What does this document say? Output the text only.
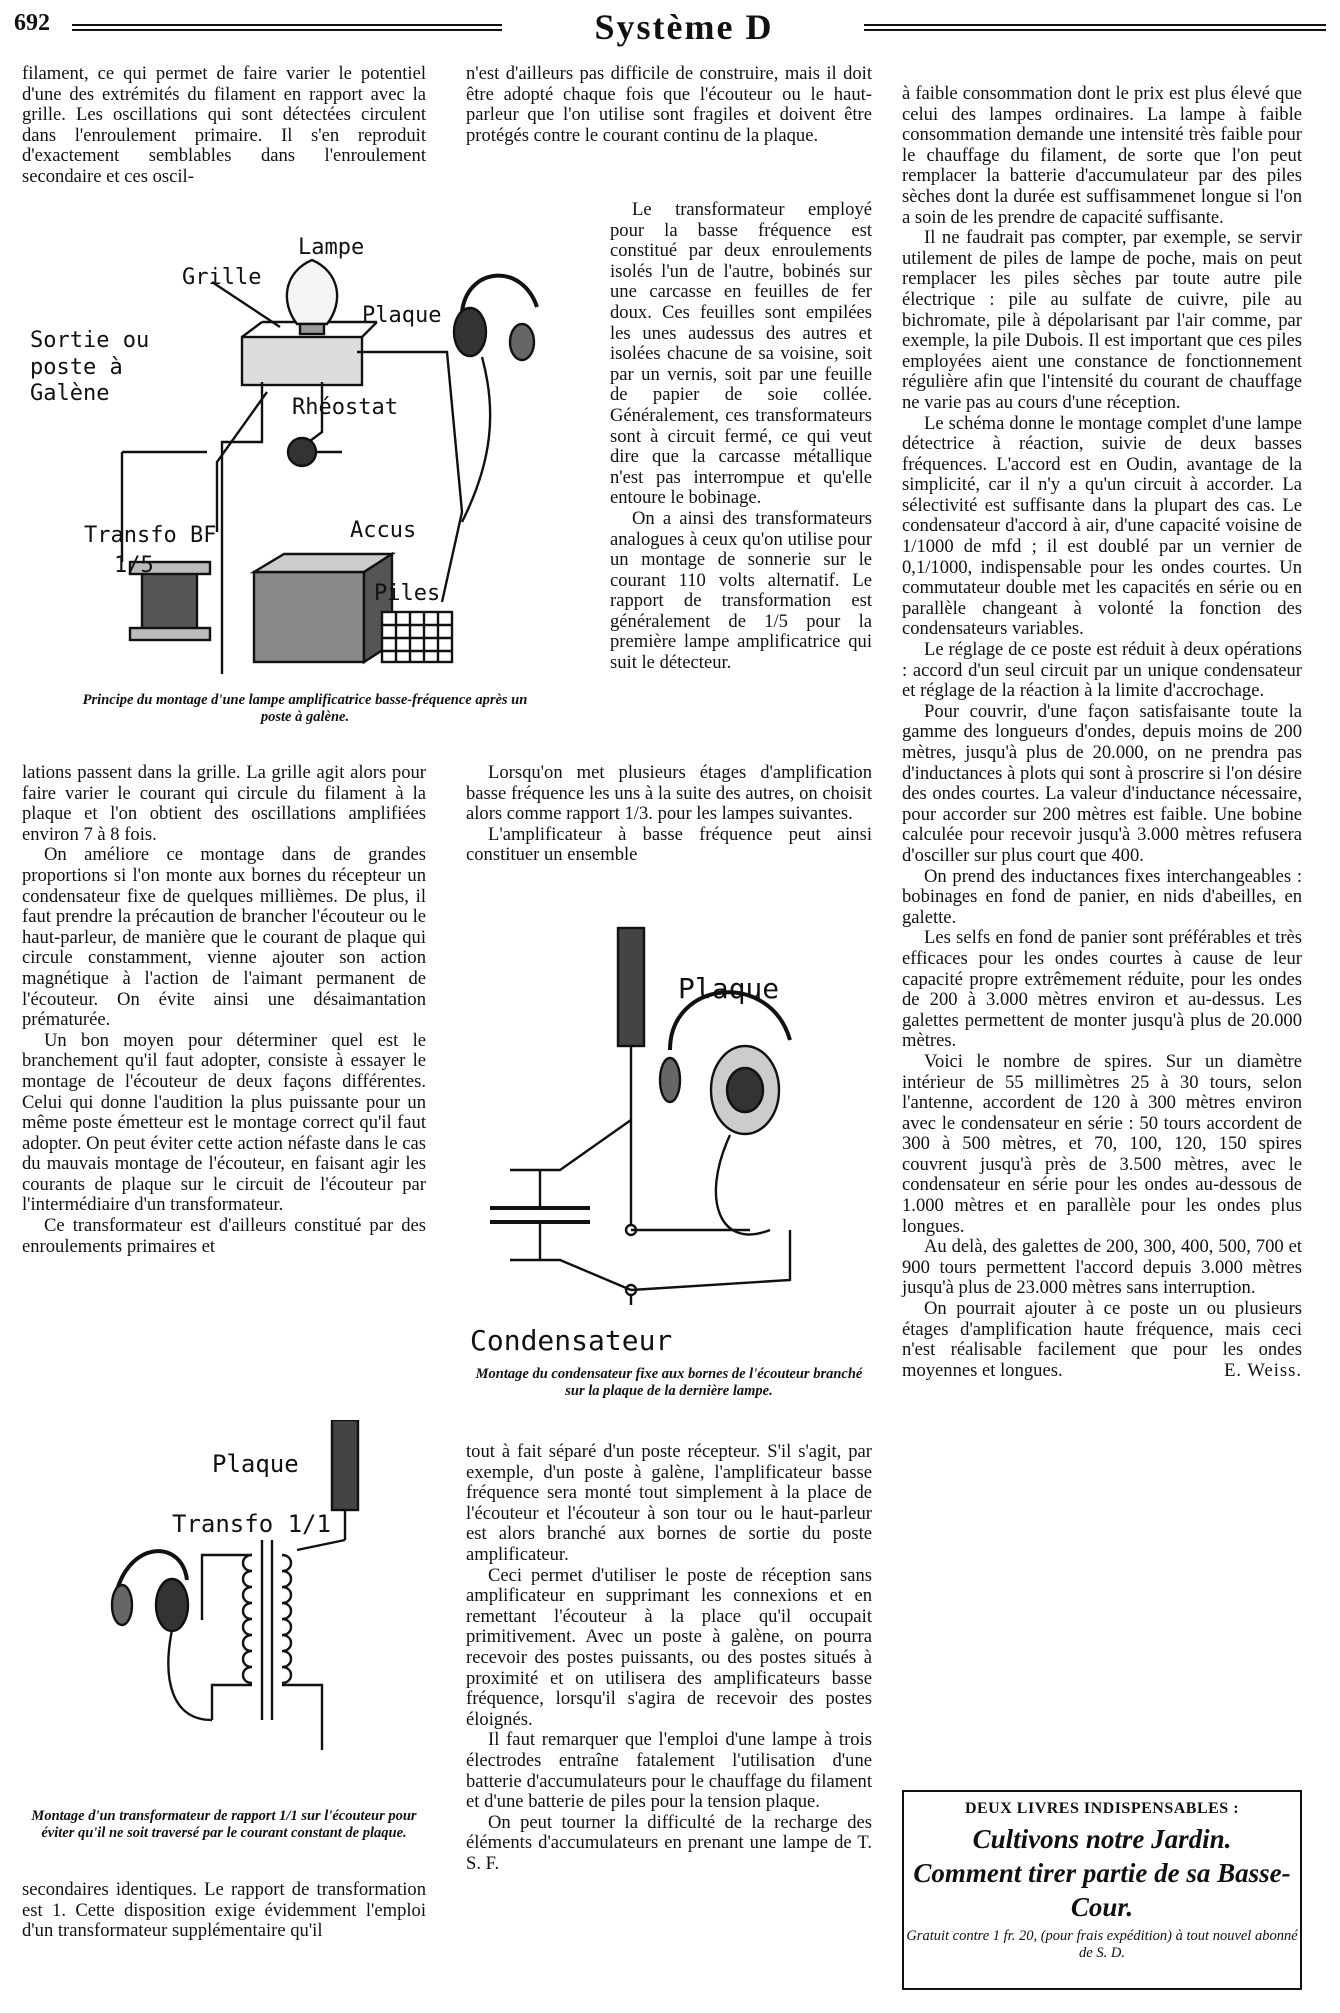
692	Système D

filament, ce qui permet de faire varier le potentiel d'une des extrémités du filament en rapport avec la grille. Les oscillations qui sont détectées circulent dans l'enroulement primaire. Il s'en reproduit d'exactement semblables dans l'enroulement secondaire et ces oscil-

Lampe
Grille
Plaque
Sortie ou
poste à
Galène
Rhéostat
Transfo BF
1/5
Accus
Piles
Principe du montage d'une lampe amplificatrice basse-fréquence après un poste à galène.

lations passent dans la grille. La grille agit alors pour faire varier le courant qui circule du filament à la plaque et l'on obtient des oscillations amplifiées environ 7 à 8 fois.

On améliore ce montage dans de grandes proportions si l'on monte aux bornes du récepteur un condensateur fixe de quelques millièmes. De plus, il faut prendre la précaution de brancher l'écouteur ou le haut-parleur, de manière que le courant de plaque qui circule constamment, vienne ajouter son action magnétique à l'action de l'aimant permanent de l'écouteur. On évite ainsi une désaimantation prématurée.

Un bon moyen pour déterminer quel est le branchement qu'il faut adopter, consiste à essayer le montage de l'écouteur de deux façons différentes. Celui qui donne l'audition la plus puissante pour un même poste émetteur est le montage correct qu'il faut adopter. On peut éviter cette action néfaste dans le cas du mauvais montage de l'écouteur, en faisant agir les courants de plaque sur le circuit de l'écouteur par l'intermédiaire d'un transformateur.

Ce transformateur est d'ailleurs constitué par des enroulements primaires et

Plaque
Transfo 1/1
Montage d'un transformateur de rapport 1/1 sur l'écouteur pour éviter qu'il ne soit traversé par le courant constant de plaque.

secondaires identiques. Le rapport de transformation est 1. Cette disposition exige évidemment l'emploi d'un transformateur supplémentaire qu'il

n'est d'ailleurs pas difficile de construire, mais il doit être adopté chaque fois que l'écouteur ou le haut-parleur que l'on utilise sont fragiles et doivent être protégés contre le courant continu de la plaque.

Le transformateur employé pour la basse fréquence est constitué par deux enroulements isolés l'un de l'autre, bobinés sur une carcasse en feuilles de fer doux. Ces feuilles sont empilées les unes audessus des autres et isolées chacune de sa voisine, soit par un vernis, soit par une feuille de papier de soie collée. Généralement, ces transformateurs sont à circuit fermé, ce qui veut dire que la carcasse métallique n'est pas interrompue et qu'elle entoure le bobinage.

On a ainsi des transformateurs analogues à ceux qu'on utilise pour un montage de sonnerie sur le courant 110 volts alternatif. Le rapport de transformation est généralement de 1/5 pour la première lampe amplificatrice qui suit le détecteur.

Lorsqu'on met plusieurs étages d'amplification basse fréquence les uns à la suite des autres, on choisit alors comme rapport 1/3. pour les lampes suivantes.

L'amplificateur à basse fréquence peut ainsi constituer un ensemble

Plaque
Condensateur
Montage du condensateur fixe aux bornes de l'écouteur branché sur la plaque de la dernière lampe.

tout à fait séparé d'un poste récepteur. S'il s'agit, par exemple, d'un poste à galène, l'amplificateur basse fréquence sera monté tout simplement à la place de l'écouteur et l'écouteur à son tour ou le haut-parleur est alors branché aux bornes de sortie du poste amplificateur.

Ceci permet d'utiliser le poste de réception sans amplificateur en supprimant les connexions et en remettant l'écouteur à la place qu'il occupait primitivement. Avec un poste à galène, on pourra recevoir des postes puissants, ou des postes situés à proximité et on utilisera des amplificateurs basse fréquence, lorsqu'il s'agira de recevoir des postes éloignés.

Il faut remarquer que l'emploi d'une lampe à trois électrodes entraîne fatalement l'utilisation d'une batterie d'accumulateurs pour le chauffage du filament et d'une batterie de piles pour la tension plaque.

On peut tourner la difficulté de la recharge des éléments d'accumulateurs en prenant une lampe de T. S. F.

à faible consommation dont le prix est plus élevé que celui des lampes ordinaires. La lampe à faible consommation demande une intensité très faible pour le chauffage du filament, de sorte que l'on peut remplacer la batterie d'accumulateur par des piles sèches dont la durée est suffisammenet longue si l'on a soin de les prendre de capacité suffisante.

Il ne faudrait pas compter, par exemple, se servir utilement de piles de lampe de poche, mais on peut remplacer les piles sèches par toute autre pile électrique : pile au sulfate de cuivre, pile au bichromate, pile à dépolarisant par l'air comme, par exemple, la pile Dubois. Il est important que ces piles employées aient une constance de fonctionnement régulière afin que l'intensité du courant de chauffage ne varie pas au cours d'une réception.

Le schéma donne le montage complet d'une lampe détectrice à réaction, suivie de deux basses fréquences. L'accord est en Oudin, avantage de la simplicité, car il n'y a qu'un circuit à accorder. La sélectivité est suffisante dans la plupart des cas. Le condensateur d'accord à air, d'une capacité voisine de 1/1000 de mfd ; il est doublé par un vernier de 0,1/1000, indispensable pour les ondes courtes. Un commutateur double met les capacités en série ou en parallèle changeant à volonté la fonction des condensateurs variables.

Le réglage de ce poste est réduit à deux opérations : accord d'un seul circuit par un unique condensateur et réglage de la réaction à la limite d'accrochage.

Pour couvrir, d'une façon satisfaisante toute la gamme des longueurs d'ondes, depuis moins de 200 mètres, jusqu'à plus de 20.000, on ne prendra pas d'inductances à plots qui sont à proscrire si l'on désire des ondes courtes. La valeur d'inductance nécessaire, pour accorder sur 200 mètres est faible. Une bobine calculée pour recevoir jusqu'à 3.000 mètres refusera d'osciller sur plus court que 400.

On prend des inductances fixes interchangeables : bobinages en fond de panier, en nids d'abeilles, en galette.

Les selfs en fond de panier sont préférables et très efficaces pour les ondes courtes à cause de leur capacité propre extrêmement réduite, pour les ondes de 200 à 3.000 mètres environ et au-dessus. Les galettes permettent de monter jusqu'à plus de 20.000 mètres.

Voici le nombre de spires. Sur un diamètre intérieur de 55 millimètres 25 à 30 tours, selon l'antenne, accordent de 120 à 300 mètres environ avec le condensateur en série : 50 tours accordent de 300 à 500 mètres, et 70, 100, 120, 150 spires couvrent jusqu'à près de 3.500 mètres, avec le condensateur en série pour les ondes au-dessous de 1.000 mètres et en parallèle pour les ondes plus longues.

Au delà, des galettes de 200, 300, 400, 500, 700 et 900 tours permettent l'accord depuis 3.000 mètres jusqu'à plus de 23.000 mètres sans interruption.

On pourrait ajouter à ce poste un ou plusieurs étages d'amplification haute fréquence, mais ceci n'est réalisable facilement que pour les ondes moyennes et longues.	E. Weiss.

DEUX LIVRES INDISPENSABLES :
Cultivons notre Jardin.
Comment tirer partie de sa Basse-Cour.
Gratuit contre 1 fr. 20, (pour frais expédition) à tout nouvel abonné de S. D.
